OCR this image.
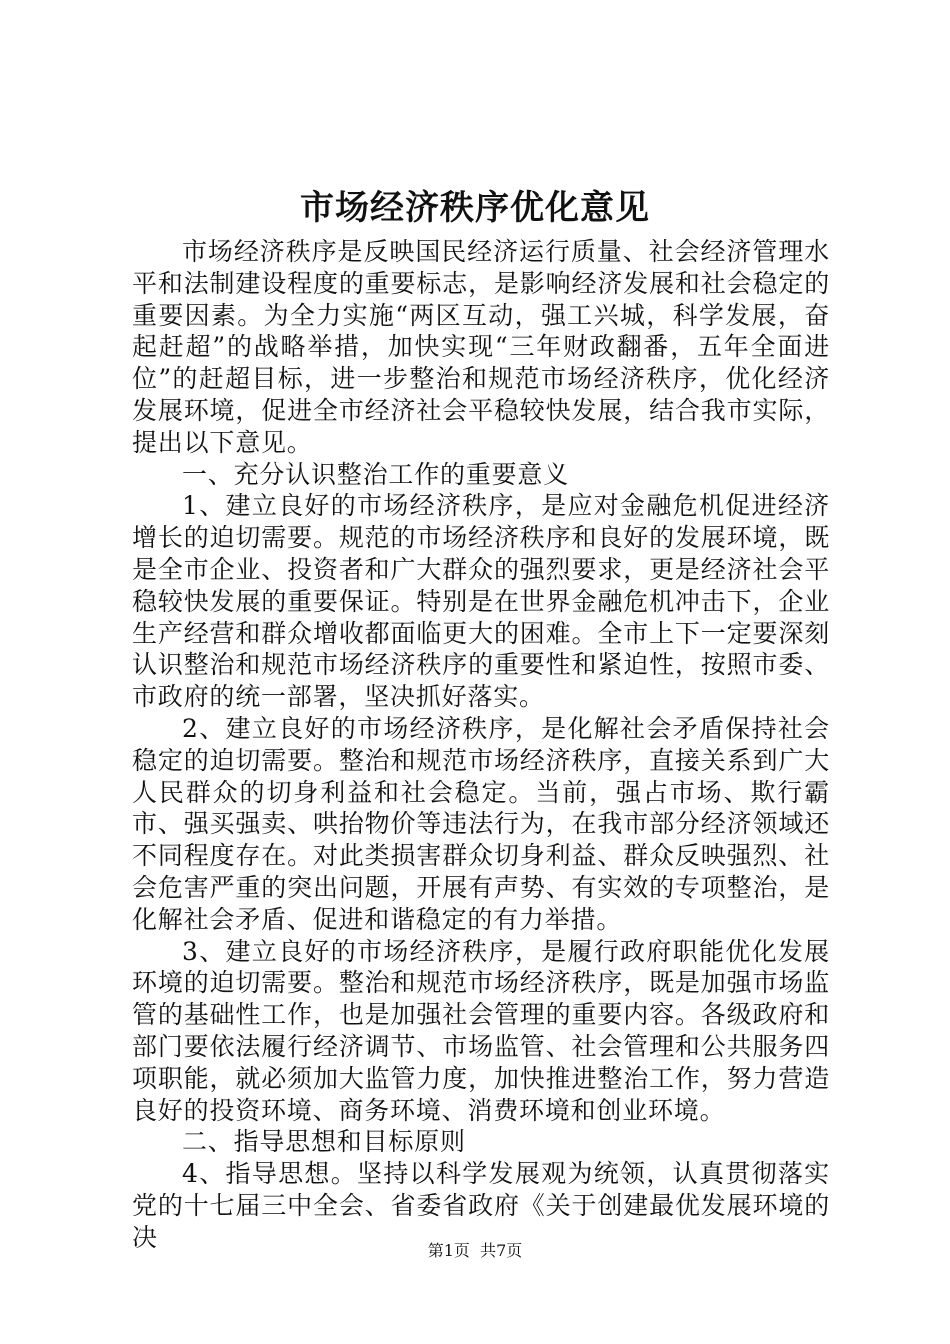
市场经济秩序优化意见

市场经济秩序是反映国民经济运行质量、社会经济管理水平和法制建设程度的重要标志，是影响经济发展和社会稳定的重要因素。为全力实施“两区互动，强工兴城，科学发展，奋起赶超”的战略举措，加快实现“三年财政翻番，五年全面进位”的赶超目标，进一步整治和规范市场经济秩序，优化经济发展环境，促进全市经济社会平稳较快发展，结合我市实际，提出以下意见。

一、充分认识整治工作的重要意义

1、建立良好的市场经济秩序，是应对金融危机促进经济增长的迫切需要。规范的市场经济秩序和良好的发展环境，既是全市企业、投资者和广大群众的强烈要求，更是经济社会平稳较快发展的重要保证。特别是在世界金融危机冲击下，企业生产经营和群众增收都面临更大的困难。全市上下一定要深刻认识整治和规范市场经济秩序的重要性和紧迫性，按照市委、市政府的统一部署，坚决抓好落实。

2、建立良好的市场经济秩序，是化解社会矛盾保持社会稳定的迫切需要。整治和规范市场经济秩序，直接关系到广大人民群众的切身利益和社会稳定。当前，强占市场、欺行霸市、强买强卖、哄抬物价等违法行为，在我市部分经济领域还不同程度存在。对此类损害群众切身利益、群众反映强烈、社会危害严重的突出问题，开展有声势、有实效的专项整治，是化解社会矛盾、促进和谐稳定的有力举措。

3、建立良好的市场经济秩序，是履行政府职能优化发展环境的迫切需要。整治和规范市场经济秩序，既是加强市场监管的基础性工作，也是加强社会管理的重要内容。各级政府和部门要依法履行经济调节、市场监管、社会管理和公共服务四项职能，就必须加大监管力度，加快推进整治工作，努力营造良好的投资环境、商务环境、消费环境和创业环境。

二、指导思想和目标原则

4、指导思想。坚持以科学发展观为统领，认真贯彻落实党的十七届三中全会、省委省政府《关于创建最优发展环境的决	第1页  共7页
